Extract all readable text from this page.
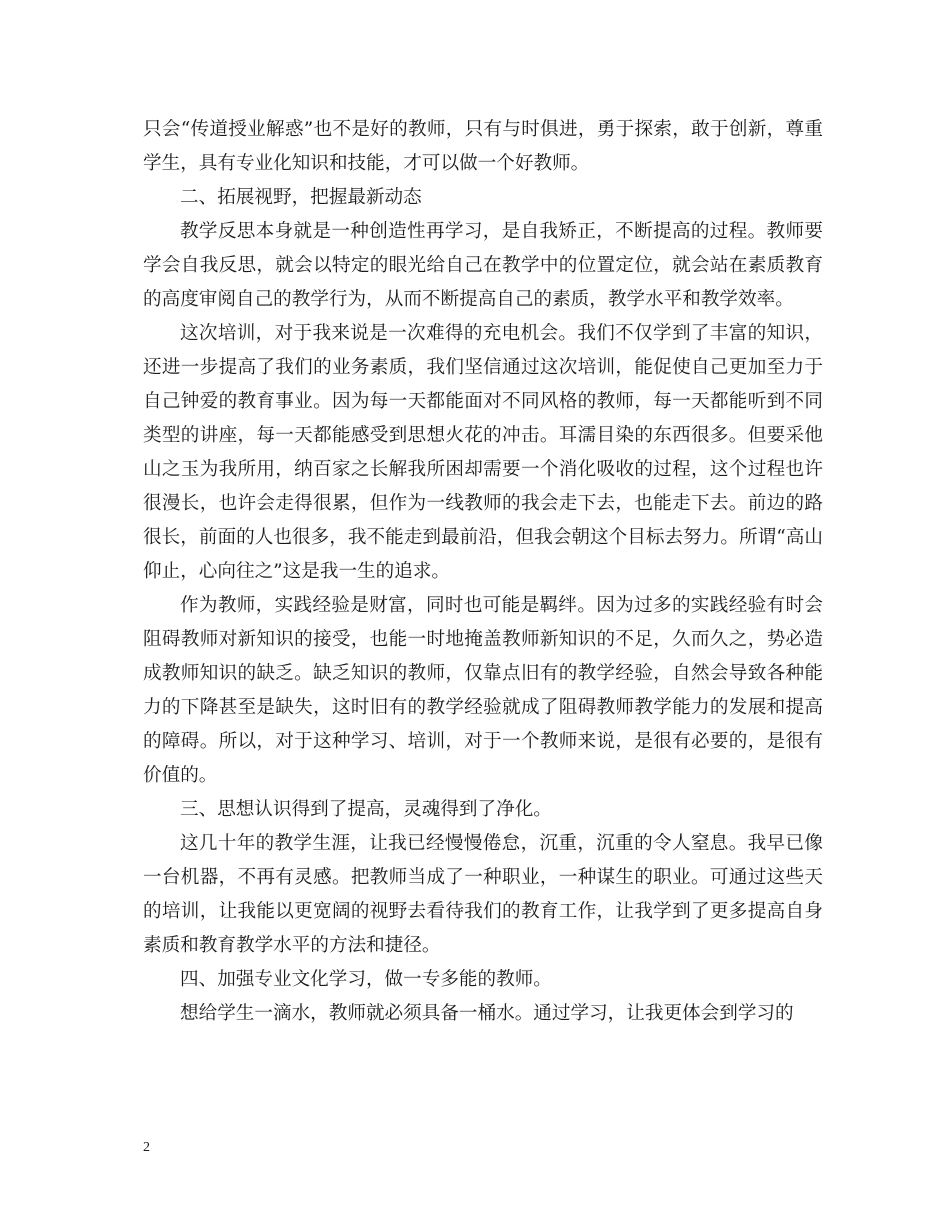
只会“传道授业解惑”也不是好的教师，只有与时俱进，勇于探索，敢于创新，尊重学生，具有专业化知识和技能，才可以做一个好教师。

二、拓展视野，把握最新动态

教学反思本身就是一种创造性再学习，是自我矫正，不断提高的过程。教师要学会自我反思，就会以特定的眼光给自己在教学中的位置定位，就会站在素质教育的高度审阅自己的教学行为，从而不断提高自己的素质，教学水平和教学效率。

这次培训，对于我来说是一次难得的充电机会。我们不仅学到了丰富的知识，还进一步提高了我们的业务素质，我们坚信通过这次培训，能促使自己更加至力于自己钟爱的教育事业。因为每一天都能面对不同风格的教师，每一天都能听到不同类型的讲座，每一天都能感受到思想火花的冲击。耳濡目染的东西很多。但要采他山之玉为我所用，纳百家之长解我所困却需要一个消化吸收的过程，这个过程也许很漫长，也许会走得很累，但作为一线教师的我会走下去，也能走下去。前边的路很长，前面的人也很多，我不能走到最前沿，但我会朝这个目标去努力。所谓“高山仰止，心向往之”这是我一生的追求。

作为教师，实践经验是财富，同时也可能是羁绊。因为过多的实践经验有时会阻碍教师对新知识的接受，也能一时地掩盖教师新知识的不足，久而久之，势必造成教师知识的缺乏。缺乏知识的教师，仅靠点旧有的教学经验，自然会导致各种能力的下降甚至是缺失，这时旧有的教学经验就成了阻碍教师教学能力的发展和提高的障碍。所以，对于这种学习、培训，对于一个教师来说，是很有必要的，是很有价值的。

三、思想认识得到了提高，灵魂得到了净化。

这几十年的教学生涯，让我已经慢慢倦怠，沉重，沉重的令人窒息。我早已像一台机器，不再有灵感。把教师当成了一种职业，一种谋生的职业。可通过这些天的培训，让我能以更宽阔的视野去看待我们的教育工作，让我学到了更多提高自身素质和教育教学水平的方法和捷径。

四、加强专业文化学习，做一专多能的教师。

想给学生一滴水，教师就必须具备一桶水。通过学习，让我更体会到学习的

2
